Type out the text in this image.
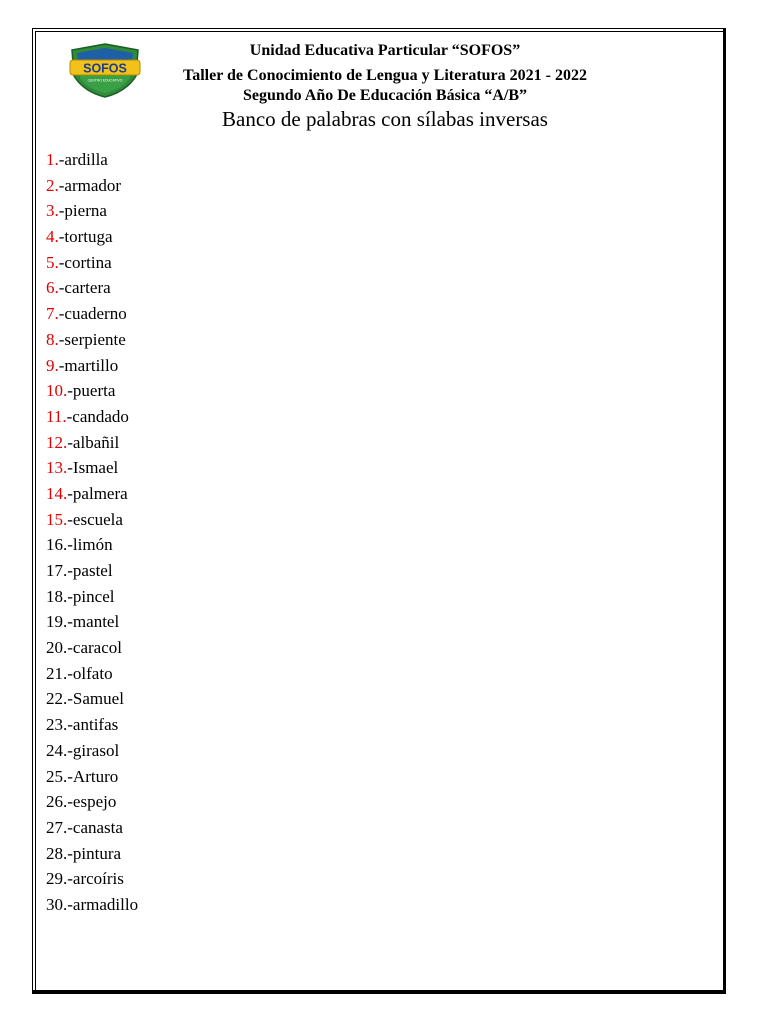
SOFOS
CENTRO EDUCATIVO
Unidad Educativa Particular “SOFOS”
Taller de Conocimiento de Lengua y Literatura 2021 - 2022
Segundo Año De Educación Básica “A/B”
Banco de palabras con sílabas inversas
1.-ardilla
2.-armador
3.-pierna
4.-tortuga
5.-cortina
6.-cartera
7.-cuaderno
8.-serpiente
9.-martillo
10.-puerta
11.-candado
12.-albañil
13.-Ismael
14.-palmera
15.-escuela
16.-limón
17.-pastel
18.-pincel
19.-mantel
20.-caracol
21.-olfato
22.-Samuel
23.-antifas
24.-girasol
25.-Arturo
26.-espejo
27.-canasta
28.-pintura
29.-arcoíris
30.-armadillo
